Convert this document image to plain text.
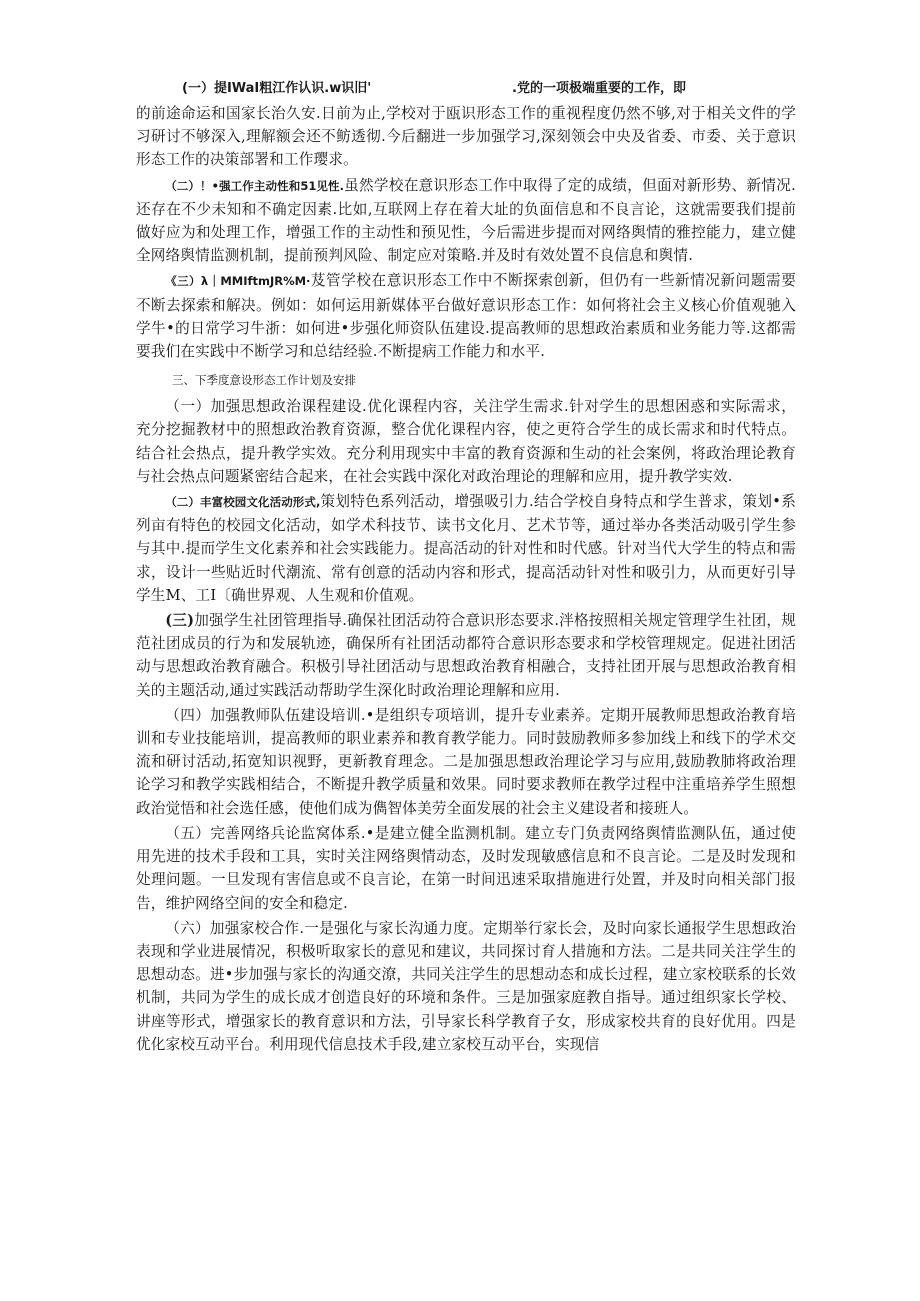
(一）提IWaI粗江作认识.w识旧'	.党的一项极端重要的工作，即

的前途命运和国家长治久安.日前为止,学校对于瓯识形态工作的重视程度仍然不够,对于相关文件的学习研讨不够深入,理解额会还不鲂透彻.今后翻进一步加强学习,深刻领会中央及省委、市委、关于意识形态工作的决策部署和工作璎求。

（二）！•强工作主动性和51见性.虽然学校在意识形态工作中取得了定的成绩，但面对新形势、新情况.还存在不少未知和不确定因素.比如,互联网上存在着大址的负面信息和不良言论，这就需要我们提前做好应为和处理工作，增强工作的主动性和预见性，今后需进步提而对网络舆情的雅控能力，建立健全网络舆情监测机制，提前预判风险、制定应对策略.并及时有效处置不良信息和舆情.

《三）λ｜MMIftmJR%M∙芨管学校在意识形态工作中不断探索创新，但仍有一些新情况新问题需要不断去探索和解决。例如：如何运用新媒体平台做好意识形态工作：如何将社会主义核心价值观驰入学牛•的日常学习牛浙：如何进•步强化师资队伍建设.提高教师的思想政治素质和业务能力等.这都需要我们在实践中不断学习和总结经验.不断提病工作能力和水平.

三、下季度意设形态工作计划及安排

（一）加强思想政治课程建设.优化课程内容，关注学生需求.针对学生的思想困惑和实际需求，充分挖掘教材中的照想政治教育资源，整合优化课程内容，使之更符合学生的成长需求和时代特点。结合社会热点，提升教学实效。充分利用现实中丰富的教育资源和生动的社会案例，将政治理论教育与社会热点问题紧密结合起来，在社会实践中深化对政治理论的理解和应用，提升教学实效.

（二）丰富校园文化活动形式,策划特色系列活动，增强吸引力.结合学校自身特点和学生普求，策划•系列亩有特色的校园文化活动，如学术科技节、读书文化月、艺术节等，通过举办各类活动吸引学生参与其中.提而学生文化素养和社会实践能力。提高活动的针对性和时代感。针对当代大学生的特点和需求，设计一些贴近时代潮流、常有创意的活动内容和形式，提高活动针对性和吸引力，从而更好引导学生M、工I〔确世界观、人生观和价值观。

(三)加强学生社团管理指导.确保社团活动符合意识形态要求.泮格按照相关规定管理学生社团，规范社团成员的行为和发展轨迹，确保所有社团活动都符合意识形态要求和学校管理规定。促进社团活动与思想政治教育融合。积极引导社团活动与思想政治教育相融合，支持社团开展与思想政治教育相关的主题活动,通过实践活动帮助学生深化时政治理论理解和应用.

（四）加强教师队伍建设培训.•是组织专项培训，提升专业素养。定期开展教师思想政治教育培训和专业技能培训，提高教师的职业素养和教育教学能力。同时鼓励教师多参加线上和线下的学术交流和研讨活动,拓宽知识视野，更新教育理念。二是加强思想政治理论学习与应用,鼓励教肺将政治理论学习和教学实践相结合，不断提升教学质量和效果。同时要求教师在教学过程中注重培养学生照想政治觉悟和社会选任感，使他们成为儁智体美劳全面发展的社会主义建设者和接班人。

（五）完善网络兵论监窝体系.•是建立健全监测机制。建立专门负责网络舆情监测队伍，通过使用先进的技术手段和工具，实时关注网络舆情动态，及时发现敏感信息和不良言论。二是及时发现和处理问题。一旦发现有害信息或不良言论，在第一时间迅速采取措施进行处置，并及时向相关部门报告，维护网络空间的安全和稳定.

（六）加强家校合作.一是强化与家长沟通力度。定期举行家长会，及时向家长通报学生思想政治表现和学业进展情况，积极听取家长的意见和建议，共同探讨育人措施和方法。二是共同关注学生的思想动态。进•步加强与家长的沟通交潦，共同关注学生的思想动态和成长过程，建立家校联系的长效机制，共同为学生的成长成才创造良好的环境和条件。三是加强家庭教自指导。通过组织家长学校、讲座等形式，增强家长的教育意识和方法，引导家长科学教育子女，形成家校共育的良好优用。四是优化家校互动平台。利用现代信息技术手段,建立家校互动平台，实现信
